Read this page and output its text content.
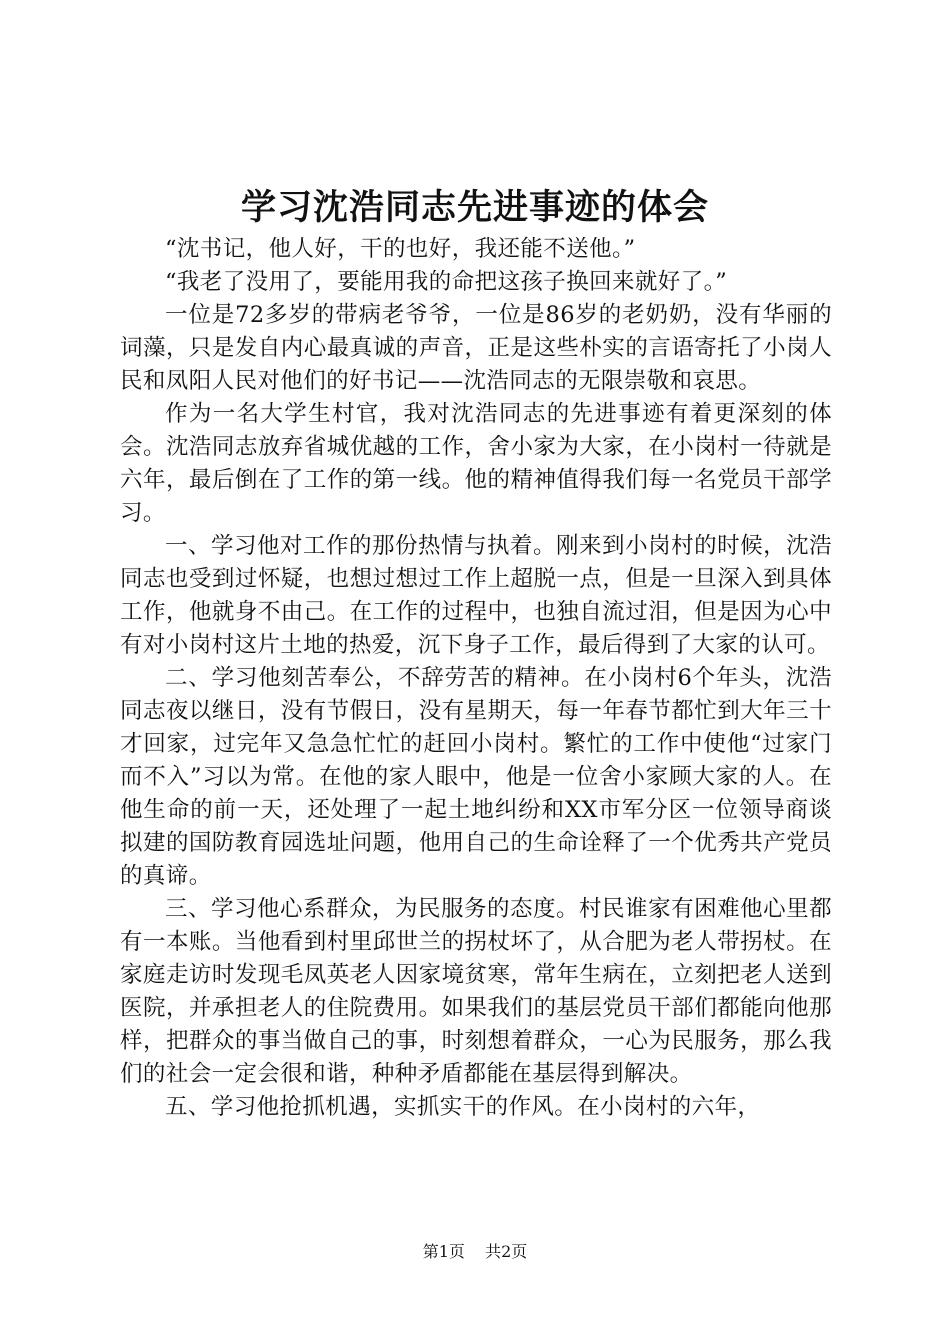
学习沈浩同志先进事迹的体会

“沈书记，他人好，干的也好，我还能不送他。”

“我老了没用了，要能用我的命把这孩子换回来就好了。”

一位是72多岁的带病老爷爷，一位是86岁的老奶奶，没有华丽的词藻，只是发自内心最真诚的声音，正是这些朴实的言语寄托了小岗人民和凤阳人民对他们的好书记——沈浩同志的无限崇敬和哀思。

作为一名大学生村官，我对沈浩同志的先进事迹有着更深刻的体会。沈浩同志放弃省城优越的工作，舍小家为大家，在小岗村一待就是六年，最后倒在了工作的第一线。他的精神值得我们每一名党员干部学习。

一、学习他对工作的那份热情与执着。刚来到小岗村的时候，沈浩同志也受到过怀疑，也想过想过工作上超脱一点，但是一旦深入到具体工作，他就身不由己。在工作的过程中，也独自流过泪，但是因为心中有对小岗村这片土地的热爱，沉下身子工作，最后得到了大家的认可。

二、学习他刻苦奉公，不辞劳苦的精神。在小岗村6个年头，沈浩同志夜以继日，没有节假日，没有星期天，每一年春节都忙到大年三十才回家，过完年又急急忙忙的赶回小岗村。繁忙的工作中使他“过家门而不入”习以为常。在他的家人眼中，他是一位舍小家顾大家的人。在他生命的前一天，还处理了一起土地纠纷和XX市军分区一位领导商谈拟建的国防教育园选址问题，他用自己的生命诠释了一个优秀共产党员的真谛。

三、学习他心系群众，为民服务的态度。村民谁家有困难他心里都有一本账。当他看到村里邱世兰的拐杖坏了，从合肥为老人带拐杖。在家庭走访时发现毛凤英老人因家境贫寒，常年生病在，立刻把老人送到医院，并承担老人的住院费用。如果我们的基层党员干部们都能向他那样，把群众的事当做自己的事，时刻想着群众，一心为民服务，那么我们的社会一定会很和谐，种种矛盾都能在基层得到解决。

五、学习他抢抓机遇，实抓实干的作风。在小岗村的六年，

第1页 共2页
